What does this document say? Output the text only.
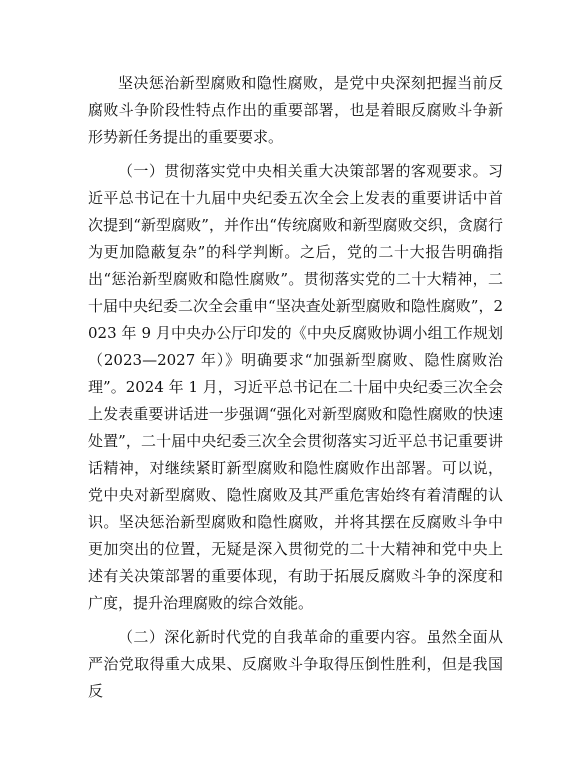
坚决惩治新型腐败和隐性腐败，是党中央深刻把握当前反腐败斗争阶段性特点作出的重要部署，也是着眼反腐败斗争新形势新任务提出的重要要求。

（一）贯彻落实党中央相关重大决策部署的客观要求。习近平总书记在十九届中央纪委五次全会上发表的重要讲话中首次提到“新型腐败”，并作出“传统腐败和新型腐败交织，贪腐行为更加隐蔽复杂”的科学判断。之后，党的二十大报告明确指出“惩治新型腐败和隐性腐败”。贯彻落实党的二十大精神，二十届中央纪委二次全会重申“坚决查处新型腐败和隐性腐败”，2023 年 9 月中央办公厅印发的《中央反腐败协调小组工作规划（2023—2027 年）》明确要求“加强新型腐败、隐性腐败治理”。2024 年 1 月，习近平总书记在二十届中央纪委三次全会上发表重要讲话进一步强调“强化对新型腐败和隐性腐败的快速处置”，二十届中央纪委三次全会贯彻落实习近平总书记重要讲话精神，对继续紧盯新型腐败和隐性腐败作出部署。可以说，党中央对新型腐败、隐性腐败及其严重危害始终有着清醒的认识。坚决惩治新型腐败和隐性腐败，并将其摆在反腐败斗争中更加突出的位置，无疑是深入贯彻党的二十大精神和党中央上述有关决策部署的重要体现，有助于拓展反腐败斗争的深度和广度，提升治理腐败的综合效能。

（二）深化新时代党的自我革命的重要内容。虽然全面从严治党取得重大成果、反腐败斗争取得压倒性胜利，但是我国反
